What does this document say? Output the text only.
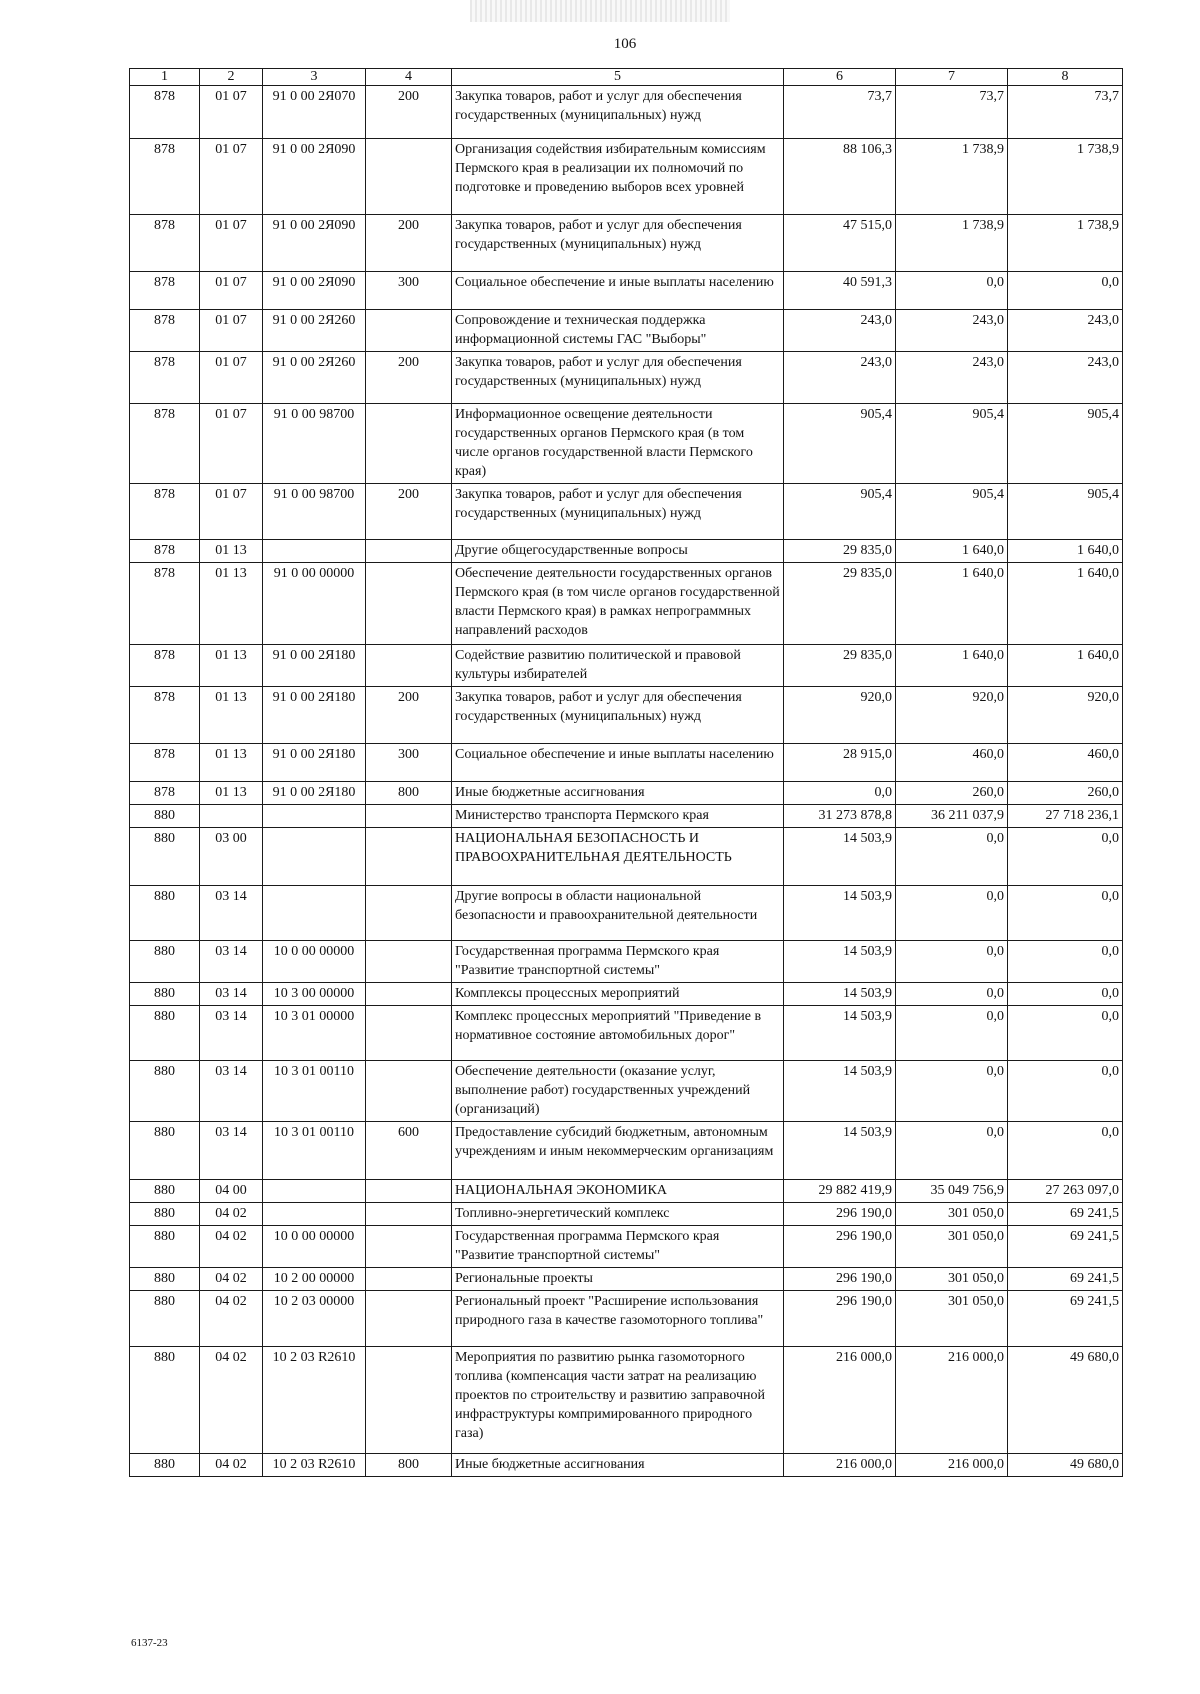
106
1	2	3	4	5	6	7	8
878	01 07	91 0 00 2Я070	200	Закупка товаров, работ и услуг для обеспечения государственных (муниципальных) нужд	73,7	73,7	73,7
878	01 07	91 0 00 2Я090		Организация содействия избирательным комиссиям Пермского края в реализации их полномочий по подготовке и проведению выборов всех уровней	88 106,3	1 738,9	1 738,9
878	01 07	91 0 00 2Я090	200	Закупка товаров, работ и услуг для обеспечения государственных (муниципальных) нужд	47 515,0	1 738,9	1 738,9
878	01 07	91 0 00 2Я090	300	Социальное обеспечение и иные выплаты населению	40 591,3	0,0	0,0
878	01 07	91 0 00 2Я260		Сопровождение и техническая поддержка информационной системы ГАС "Выборы"	243,0	243,0	243,0
878	01 07	91 0 00 2Я260	200	Закупка товаров, работ и услуг для обеспечения государственных (муниципальных) нужд	243,0	243,0	243,0
878	01 07	91 0 00 98700		Информационное освещение деятельности государственных органов Пермского края (в том числе органов государственной власти Пермского края)	905,4	905,4	905,4
878	01 07	91 0 00 98700	200	Закупка товаров, работ и услуг для обеспечения государственных (муниципальных) нужд	905,4	905,4	905,4
878	01 13			Другие общегосударственные вопросы	29 835,0	1 640,0	1 640,0
878	01 13	91 0 00 00000		Обеспечение деятельности государственных органов Пермского края (в том числе органов государственной власти Пермского края) в рамках непрограммных направлений расходов	29 835,0	1 640,0	1 640,0
878	01 13	91 0 00 2Я180		Содействие развитию политической и правовой культуры избирателей	29 835,0	1 640,0	1 640,0
878	01 13	91 0 00 2Я180	200	Закупка товаров, работ и услуг для обеспечения государственных (муниципальных) нужд	920,0	920,0	920,0
878	01 13	91 0 00 2Я180	300	Социальное обеспечение и иные выплаты населению	28 915,0	460,0	460,0
878	01 13	91 0 00 2Я180	800	Иные бюджетные ассигнования	0,0	260,0	260,0
880				Министерство транспорта Пермского края	31 273 878,8	36 211 037,9	27 718 236,1
880	03 00			НАЦИОНАЛЬНАЯ БЕЗОПАСНОСТЬ И ПРАВООХРАНИТЕЛЬНАЯ ДЕЯТЕЛЬНОСТЬ	14 503,9	0,0	0,0
880	03 14			Другие вопросы в области национальной безопасности и правоохранительной деятельности	14 503,9	0,0	0,0
880	03 14	10 0 00 00000		Государственная программа Пермского края "Развитие транспортной системы"	14 503,9	0,0	0,0
880	03 14	10 3 00 00000		Комплексы процессных мероприятий	14 503,9	0,0	0,0
880	03 14	10 3 01 00000		Комплекс процессных мероприятий "Приведение в нормативное состояние автомобильных дорог"	14 503,9	0,0	0,0
880	03 14	10 3 01 00110		Обеспечение деятельности (оказание услуг, выполнение работ) государственных учреждений (организаций)	14 503,9	0,0	0,0
880	03 14	10 3 01 00110	600	Предоставление субсидий бюджетным, автономным учреждениям и иным некоммерческим организациям	14 503,9	0,0	0,0
880	04 00			НАЦИОНАЛЬНАЯ ЭКОНОМИКА	29 882 419,9	35 049 756,9	27 263 097,0
880	04 02			Топливно-энергетический комплекс	296 190,0	301 050,0	69 241,5
880	04 02	10 0 00 00000		Государственная программа Пермского края "Развитие транспортной системы"	296 190,0	301 050,0	69 241,5
880	04 02	10 2 00 00000		Региональные проекты	296 190,0	301 050,0	69 241,5
880	04 02	10 2 03 00000		Региональный проект "Расширение использования природного газа в качестве газомоторного топлива"	296 190,0	301 050,0	69 241,5
880	04 02	10 2 03 R2610		Мероприятия по развитию рынка газомоторного топлива (компенсация части затрат на реализацию проектов по строительству и развитию заправочной инфраструктуры компримированного природного газа)	216 000,0	216 000,0	49 680,0
880	04 02	10 2 03 R2610	800	Иные бюджетные ассигнования	216 000,0	216 000,0	49 680,0
6137-23
